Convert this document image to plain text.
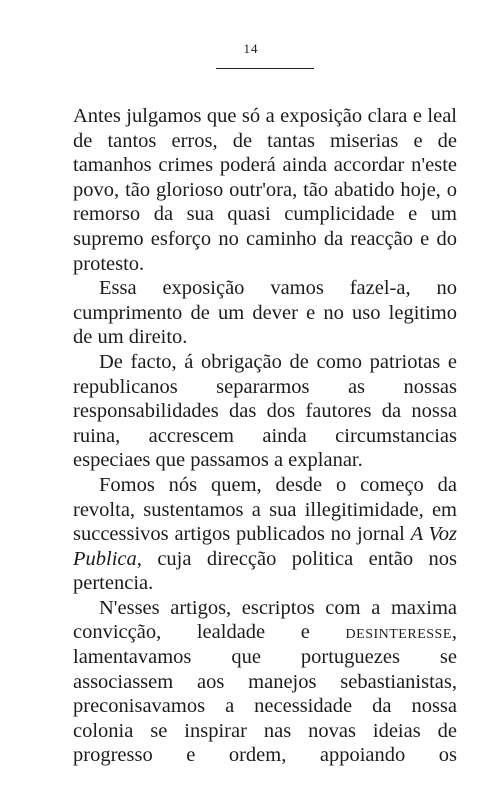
14

Antes julgamos que só a exposição clara e leal de tantos erros, de tantas miserias e de tamanhos crimes poderá ainda accordar n'este povo, tão glorioso outr'ora, tão abatido hoje, o remorso da sua quasi cumplicidade e um supremo esforço no caminho da reacção e do protesto.

Essa exposição vamos fazel-a, no cumprimento de um dever e no uso legitimo de um direito.

De facto, á obrigação de como patriotas e republicanos separarmos as nossas responsabilidades das dos fautores da nossa ruina, accrescem ainda circumstancias especiaes que passamos a explanar.

Fomos nós quem, desde o começo da revolta, sustentamos a sua illegitimidade, em successivos artigos publicados no jornal A Voz Publica, cuja direcção politica então nos pertencia.

N'esses artigos, escriptos com a maxima convicção, lealdade e desinteresse, lamentavamos que portuguezes se associassem aos manejos sebastianistas, preconisavamos a necessidade da nossa colonia se inspirar nas novas ideias de progresso e ordem, appoiando os
